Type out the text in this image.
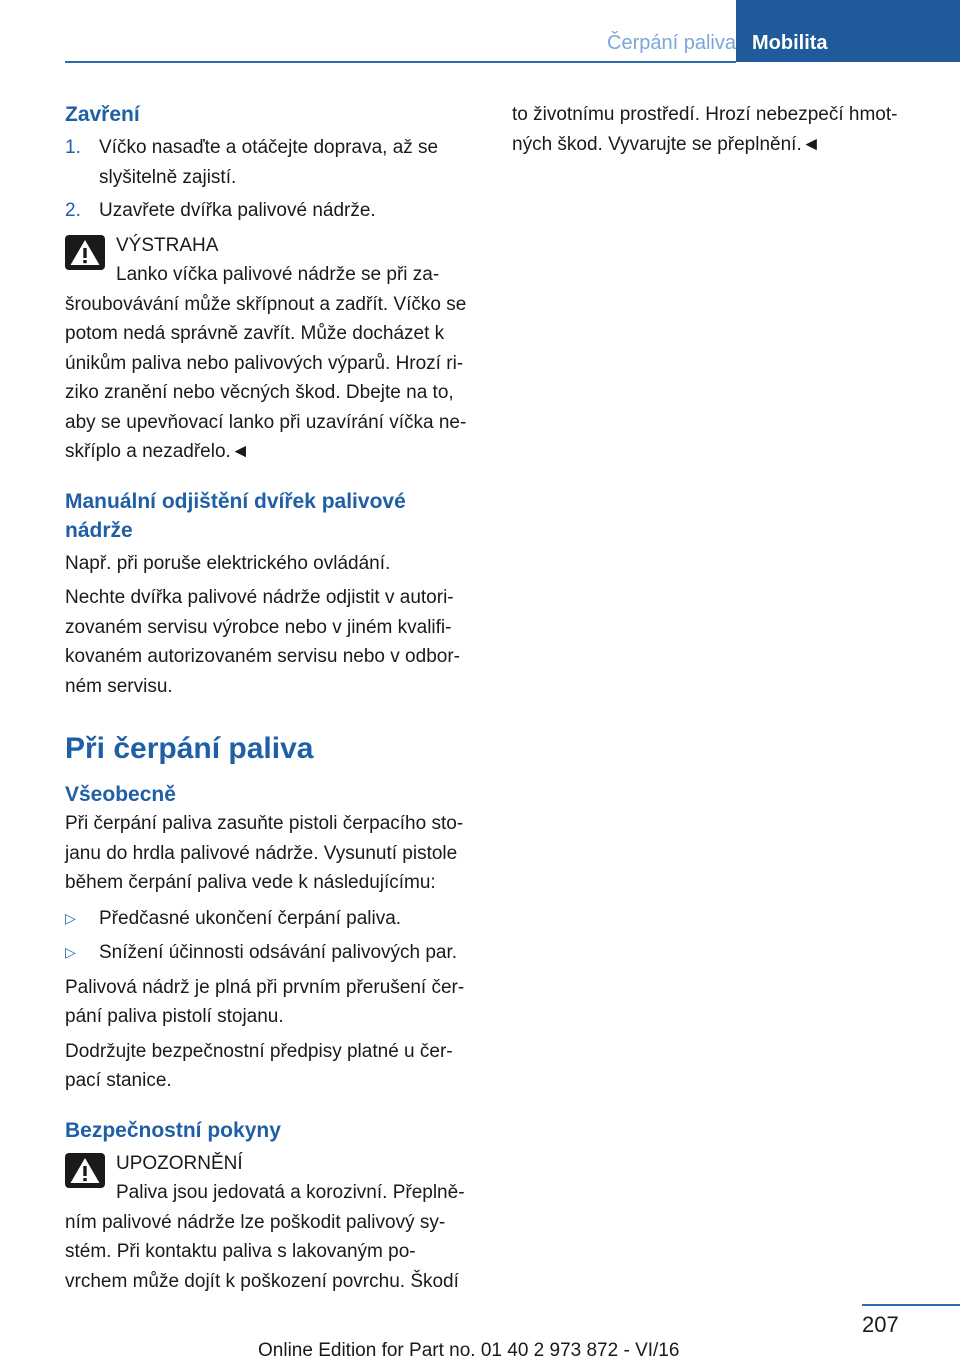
Čerpání paliva Mobilita
Zavření
1. Víčko nasaďte a otáčejte doprava, až se slyšitelně zajistí.
2. Uzavřete dvířka palivové nádrže.
VÝSTRAHA
Lanko víčka palivové nádrže se při za‐

šroubovávání může skřípnout a zadřít. Víčko se potom nedá správně zavřít. Může docházet k únikům paliva nebo palivových výparů. Hrozí ri‐ ziko zranění nebo věcných škod. Dbejte na to, aby se upevňovací lanko při uzavírání víčka ne‐ skříplo a nezadřelo.◄

Manuální odjištění dvířek palivové nádrže

Např. při poruše elektrického ovládání.

Nechte dvířka palivové nádrže odjistit v autori‐ zovaném servisu výrobce nebo v jiném kvalifi‐ kovaném autorizovaném servisu nebo v odbor‐ ném servisu.

Při čerpání paliva
Všeobecně

Při čerpání paliva zasuňte pistoli čerpacího sto‐ janu do hrdla palivové nádrže. Vysunutí pistole během čerpání paliva vede k následujícímu:

▷ Předčasné ukončení čerpání paliva.
▷ Snížení účinnosti odsávání palivových par.

Palivová nádrž je plná při prvním přerušení čer‐ pání paliva pistolí stojanu.

Dodržujte bezpečnostní předpisy platné u čer‐ pací stanice.

Bezpečnostní pokyny
UPOZORNĚNÍ
Paliva jsou jedovatá a korozivní. Přeplně‐

ním palivové nádrže lze poškodit palivový sy‐ stém. Při kontaktu paliva s lakovaným po‐ vrchem může dojít k poškození povrchu. Škodí

to životnímu prostředí. Hrozí nebezpečí hmot‐ ných škod. Vyvarujte se přeplnění.◄

207
Online Edition for Part no. 01 40 2 973 872 - VI/16
